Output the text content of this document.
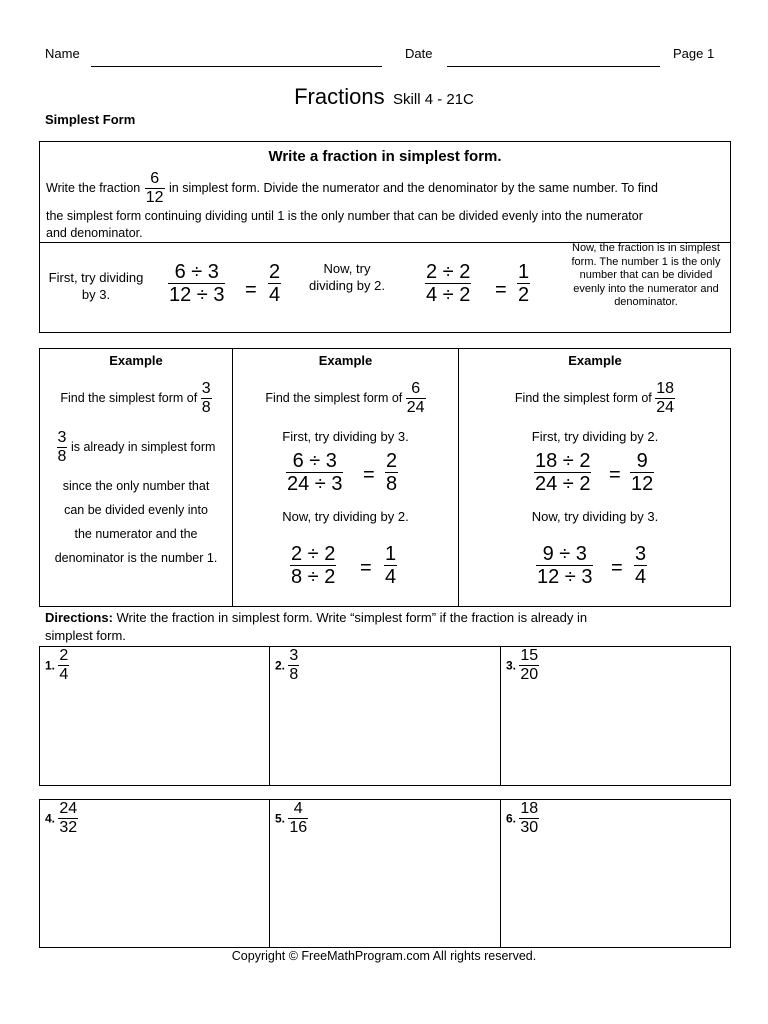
Name	Date	Page 1
Fractions Skill 4 - 21C
Simplest Form
Write a fraction in simplest form.
Write the fraction $\frac{6}{12}$ in simplest form. Divide the numerator and the denominator by the same number. To find
the simplest form continuing dividing until 1 is the only number that can be divided evenly into the numerator
and denominator.
First, try dividing by 3.	$\frac{6 \div 3}{12 \div 3} = \frac{2}{4}$	Now, try dividing by 2. $\frac{2 \div 2}{4 \div 2} = \frac{1}{2}$
Now, the fraction is in simplest form. The number 1 is the only number that can be divided evenly into the numerator and denominator.
Example
Find the simplest form of $\frac{3}{8}$
$\frac{3}{8}$ is already in simplest form
since the only number that
can be divided evenly into
the numerator and the
denominator is the number 1.
Example
Find the simplest form of $\frac{6}{24}$
First, try dividing by 3.
$\frac{6 \div 3}{24 \div 3} = \frac{2}{8}$
Now, try dividing by 2.
$\frac{2 \div 2}{8 \div 2} = \frac{1}{4}$
Example
Find the simplest form of $\frac{18}{24}$
First, try dividing by 2.
$\frac{18 \div 2}{24 \div 2} = \frac{9}{12}$
Now, try dividing by 3.
$\frac{9 \div 3}{12 \div 3} = \frac{3}{4}$
Directions: Write the fraction in simplest form. Write “simplest form” if the fraction is already in
simplest form.
1. $\frac{2}{4}$	2. $\frac{3}{8}$	3. $\frac{15}{20}$
4. $\frac{24}{32}$	5. $\frac{4}{16}$	6. $\frac{18}{30}$
Copyright © FreeMathProgram.com All rights reserved.
